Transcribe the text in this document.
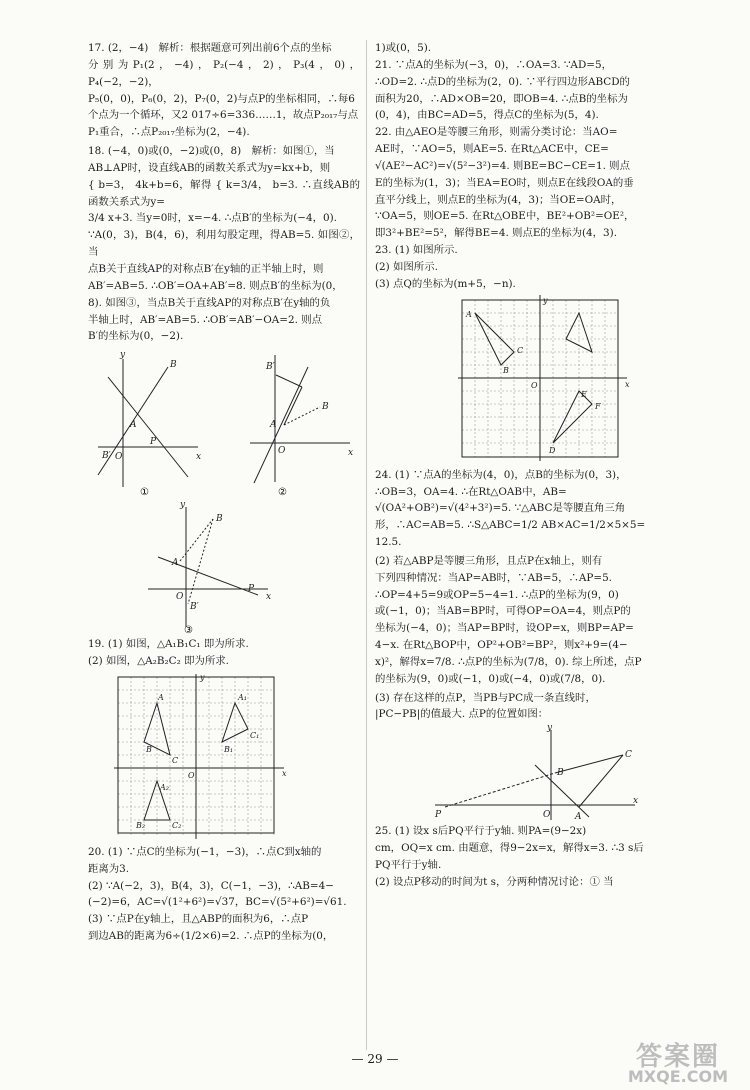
17. (2，−4)　解析：根据题意可列出前6个点的坐标

分别为P₁(2，−4)，P₂(−4，2)，P₃(4，0)，P₄(−2，−2)，

P₅(0，0)，P₆(0，2)，P₇(0，2)与点P的坐标相同，∴每6

个点为一个循环，又2 017÷6=336……1，故点P₂₀₁₇与点

P₁重合，∴点P₂₀₁₇坐标为(2，−4).

18. (−4，0)或(0，−2)或(0，8)　解析：如图①，当

AB⊥AP时，设直线AB的函数关系式为y=kx+b，则

{ b=3， 4k+b=6，解得 { k=3/4， b=3. ∴直线AB的函数关系式为y=

3/4 x+3. 当y=0时，x=−4. ∴点B′的坐标为(−4，0).

∵A(0，3)，B(4，6)，利用勾股定理，得AB=5. 如图②，当

点B关于直线AP的对称点B′在y轴的正半轴上时，则

AB′=AB=5. ∴OB′=OA+AB′=8. 则点B′的坐标为(0，

8). 如图③，当点B关于直线AP的对称点B′在y轴的负

半轴上时，AB′=AB=5. ∴OB′=AB′−OA=2. 则点

B′的坐标为(0，−2).

y
x
O
B′
A
B
P
①
B′
B
A
O	x
②
y
x
B
A
O
B′
P
③

19. (1) 如图，△A₁B₁C₁ 即为所求.

(2) 如图，△A₂B₂C₂ 即为所求.

x
y
O
A
B
C
A₁
B₁
C₁
A₂
B₂	C₂

20. (1) ∵点C的坐标为(−1，−3)，∴点C到x轴的

距离为3.

(2) ∵A(−2，3)，B(4，3)，C(−1，−3)，∴AB=4−

(−2)=6，AC=√(1²+6²)=√37，BC=√(5²+6²)=√61.

(3) ∵点P在y轴上，且△ABP的面积为6，∴点P

到边AB的距离为6÷(1/2×6)=2. ∴点P的坐标为(0，

1)或(0，5).

21. ∵点A的坐标为(−3，0)，∴OA=3. ∵AD=5，

∴OD=2. ∴点D的坐标为(2，0). ∵平行四边形ABCD的

面积为20，∴AD×OB=20，即OB=4. ∴点B的坐标为

(0，4)，由BC=AD=5，得点C的坐标为(5，4).

22. 由△AEO是等腰三角形，则需分类讨论：当AO=

AE时，∵AO=5，则AE=5. 在Rt△ACE中，CE=

√(AE²−AC²)=√(5²−3²)=4. 则BE=BC−CE=1. 则点

E的坐标为(1，3)；当EA=EO时，则点E在线段OA的垂

直平分线上，则点E的坐标为(4，3)；当OE=OA时，

∵OA=5，则OE=5. 在Rt△OBE中，BE²+OB²=OE²，

即3²+BE²=5²，解得BE=4. 则点E的坐标为(4，3).

23. (1) 如图所示.

(2) 如图所示.

(3) 点Q的坐标为(m+5，−n).

x
y
O
A
B
C
E
F
D

24. (1) ∵点A的坐标为(4，0)，点B的坐标为(0，3)，

∴OB=3，OA=4. ∴在Rt△OAB中，AB=

√(OA²+OB²)=√(4²+3²)=5. ∵△ABC是等腰直角三角

形，∴AC=AB=5. ∴S△ABC=1/2 AB×AC=1/2×5×5=

12.5.

(2) 若△ABP是等腰三角形，且点P在x轴上，则有

下列四种情况：当AP=AB时，∵AB=5，∴AP=5.

∴OP=4+5=9或OP=5−4=1. ∴点P的坐标为(9，0)

或(−1，0)；当AB=BP时，可得OP=OA=4，则点P的

坐标为(−4，0)；当AP=BP时，设OP=x，则BP=AP=

4−x. 在Rt△BOP中，OP²+OB²=BP²，则x²+9=(4−

x)²，解得x=7/8. ∴点P的坐标为(7/8，0). 综上所述，点P

的坐标为(9，0)或(−1，0)或(−4，0)或(7/8，0).

(3) 存在这样的点P，当PB与PC成一条直线时，

|PC−PB|的值最大. 点P的位置如图：

y
x
P
B
C
O	A

25. (1) 设x s后PQ平行于y轴. 则PA=(9−2x)

cm，OQ=x cm. 由题意，得9−2x=x，解得x=3. ∴3 s后

PQ平行于y轴.

(2) 设点P移动的时间为t s，分两种情况讨论：① 当

— 29 —	答案圈
MXQE.COM
